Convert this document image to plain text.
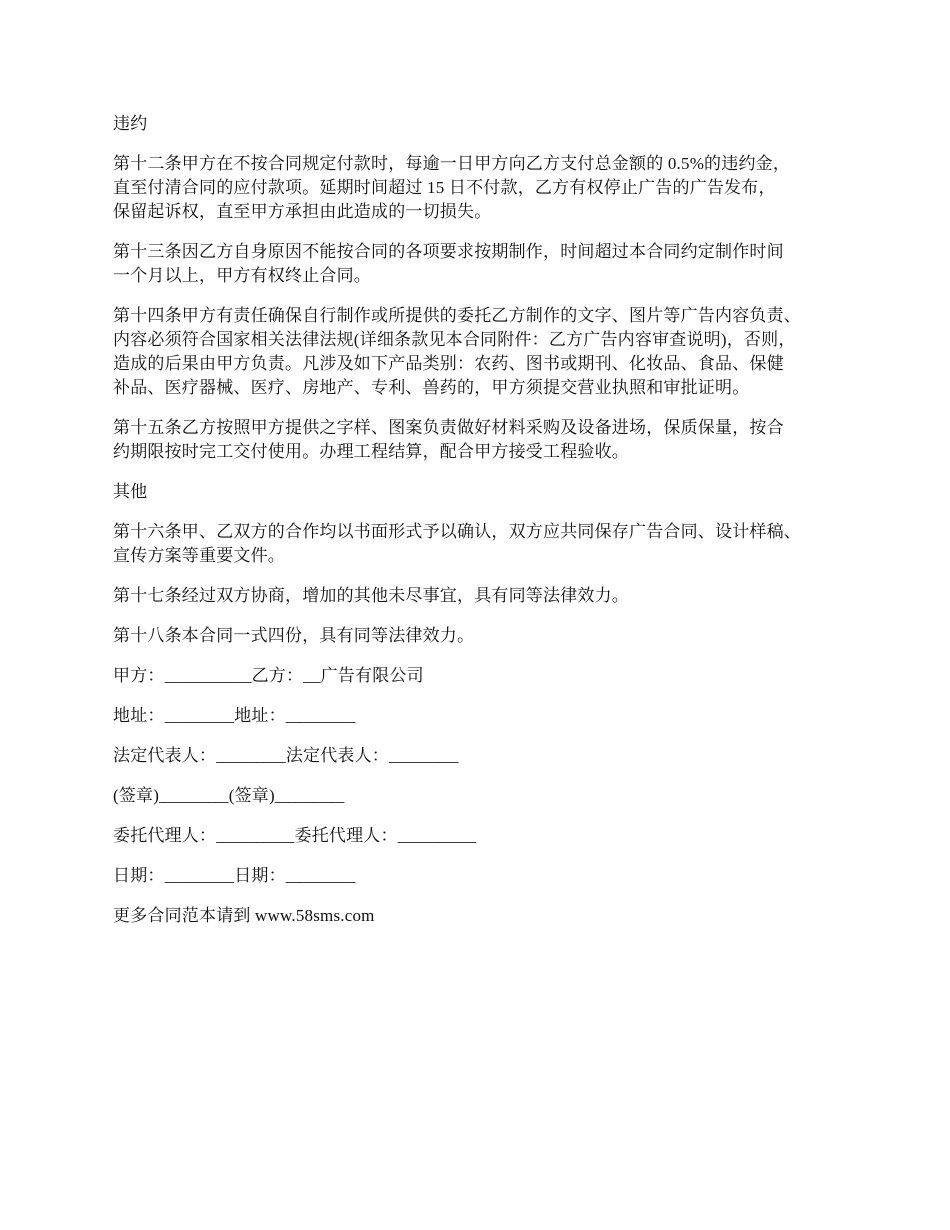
违约

第十二条甲方在不按合同规定付款时，每逾一日甲方向乙方支付总金额的 0.5%的违约金，
直至付清合同的应付款项。延期时间超过 15 日不付款，乙方有权停止广告的广告发布，
保留起诉权，直至甲方承担由此造成的一切损失。

第十三条因乙方自身原因不能按合同的各项要求按期制作，时间超过本合同约定制作时间
一个月以上，甲方有权终止合同。

第十四条甲方有责任确保自行制作或所提供的委托乙方制作的文字、图片等广告内容负责、
内容必须符合国家相关法律法规(详细条款见本合同附件：乙方广告内容审查说明)，否则，
造成的后果由甲方负责。凡涉及如下产品类别：农药、图书或期刊、化妆品、食品、保健
补品、医疗器械、医疗、房地产、专利、兽药的，甲方须提交营业执照和审批证明。

第十五条乙方按照甲方提供之字样、图案负责做好材料采购及设备进场，保质保量，按合
约期限按时完工交付使用。办理工程结算，配合甲方接受工程验收。

其他

第十六条甲、乙双方的合作均以书面形式予以确认，双方应共同保存广告合同、设计样稿、
宣传方案等重要文件。

第十七条经过双方协商，增加的其他未尽事宜，具有同等法律效力。

第十八条本合同一式四份，具有同等法律效力。

甲方：__________乙方：__广告有限公司

地址：________地址：________

法定代表人：________法定代表人：________

(签章)________(签章)________

委托代理人：_________委托代理人：_________

日期：________日期：________

更多合同范本请到 www.58sms.com
